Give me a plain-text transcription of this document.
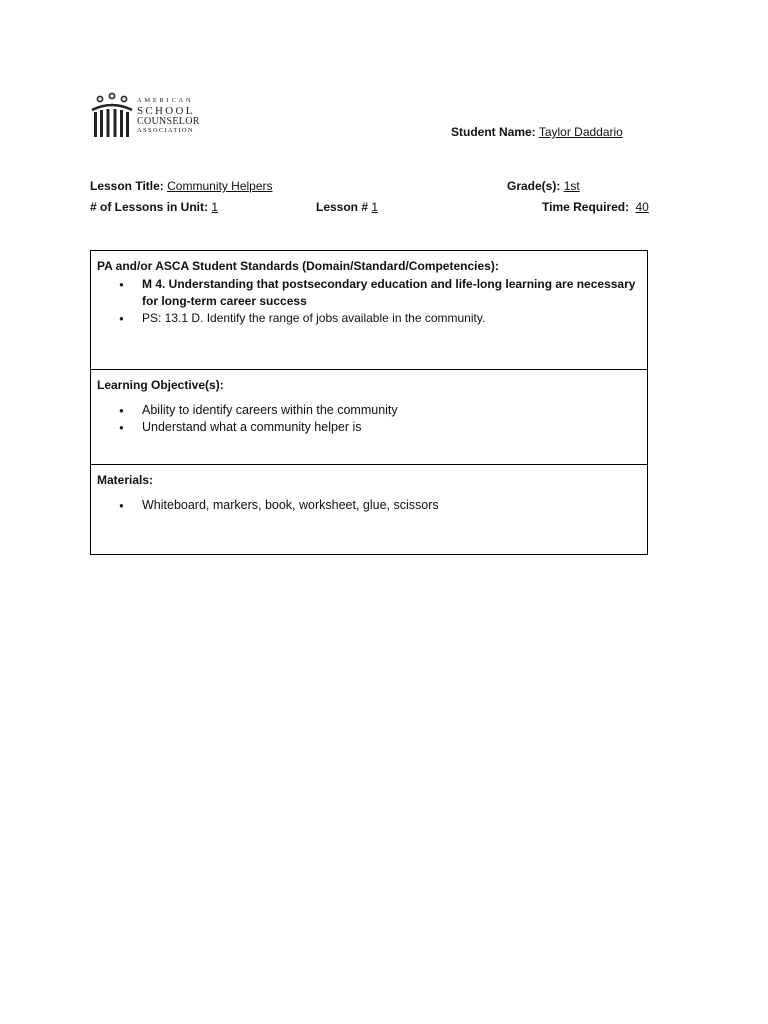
AMERICAN
SCHOOL
COUNSELOR
ASSOCIATION	Student Name: Taylor Daddario
Lesson Title: Community Helpers	Grade(s): 1st
# of Lessons in Unit: 1	Lesson # 1	Time Required: 40
PA and/or ASCA Student Standards (Domain/Standard/Competencies):
● M 4. Understanding that postsecondary education and life-long learning are necessary for long-term career success
● PS: 13.1 D. Identify the range of jobs available in the community.
Learning Objective(s):
● Ability to identify careers within the community
● Understand what a community helper is
Materials:
● Whiteboard, markers, book, worksheet, glue, scissors
